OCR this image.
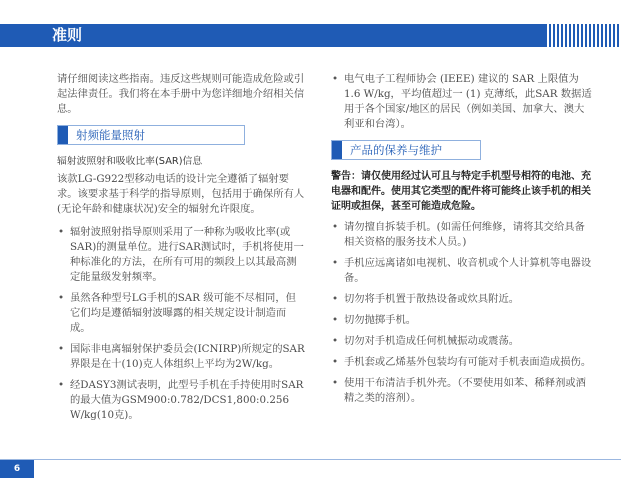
准则

请仔细阅读这些指南。违反这些规则可能造成危险或引起法律责任。我们将在本手册中为您详细地介绍相关信息。

射频能量照射
辐射波照射和吸收比率(SAR)信息

该款LG-G922型移动电话的设计完全遵循了辐射要求。该要求基于科学的指导原则，包括用于确保所有人(无论年龄和健康状况)安全的辐射允许限度。

• 辐射波照射指导原则采用了一种称为吸收比率(或SAR)的测量单位。进行SAR测试时，手机将使用一种标准化的方法，在所有可用的频段上以其最高测定能量级发射频率。
• 虽然各种型号LG手机的SAR 级可能不尽相同，但它们均是遵循辐射波曝露的相关规定设计制造而成。
• 国际非电离辐射保护委员会(ICNIRP)所规定的SAR界限是在十(10)克人体组织上平均为2W/kg。
• 经DASY3测试表明，此型号手机在手持使用时SAR的最大值为GSM900:0.782/DCS1,800:0.256 W/kg(10克)。
• 电气电子工程师协会 (IEEE) 建议的 SAR 上限值为 1.6 W/kg，平均值超过一 (1) 克薄纸，此SAR 数据适用于各个国家/地区的居民（例如美国、加拿大、澳大利亚和台湾）。
产品的保养与维护
警告：请仅使用经过认可且与特定手机型号相符的电池、充电器和配件。使用其它类型的配件将可能终止该手机的相关证明或担保，甚至可能造成危险。
• 请勿擅自拆装手机。(如需任何维修，请将其交给具备相关资格的服务技术人员。)
• 手机应远离诸如电视机、收音机或个人计算机等电器设备。
• 切勿将手机置于散热设备或炊具附近。
• 切勿抛掷手机。
• 切勿对手机造成任何机械振动或震荡。
• 手机套或乙烯基外包装均有可能对手机表面造成损伤。
• 使用干布清洁手机外壳。（不要使用如苯、稀释剂或酒精之类的溶剂）。
6
